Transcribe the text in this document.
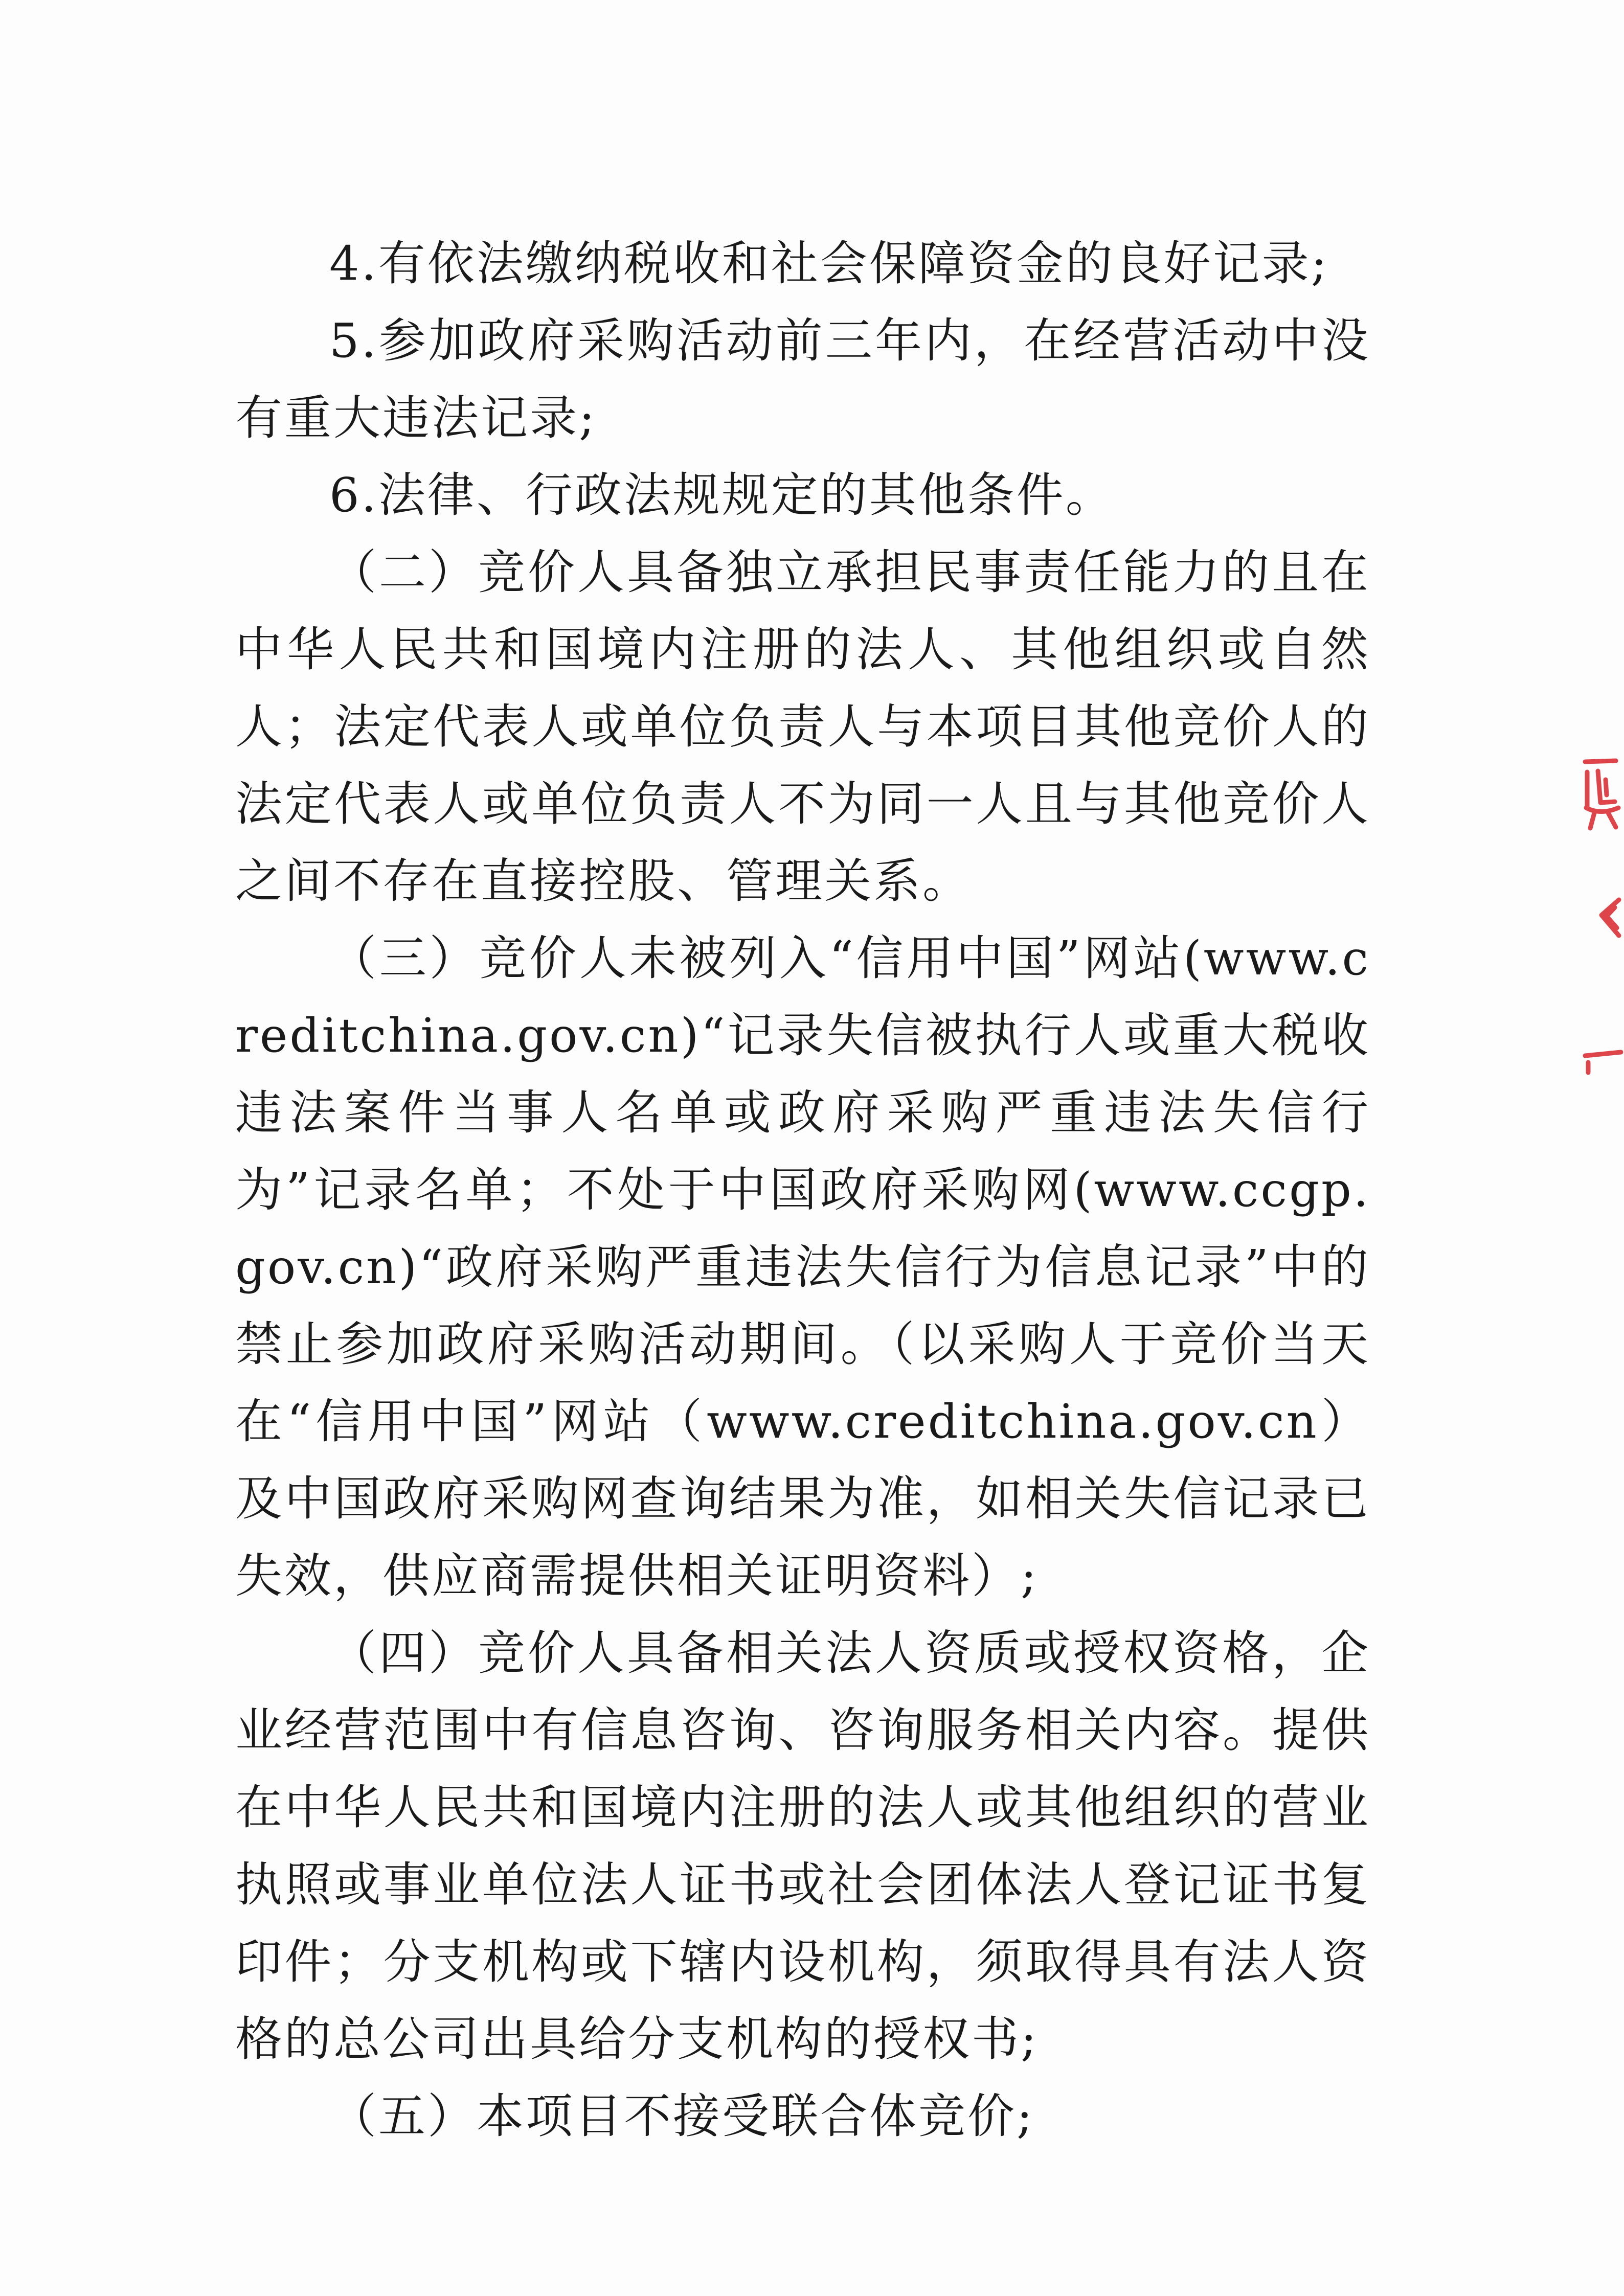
4.有依法缴纳税收和社会保障资金的良好记录;

5.参加政府采购活动前三年内，在经营活动中没有重大违法记录;

6.法律、行政法规规定的其他条件。

（二）竞价人具备独立承担民事责任能力的且在中华人民共和国境内注册的法人、其他组织或自然人；法定代表人或单位负责人与本项目其他竞价人的法定代表人或单位负责人不为同一人且与其他竞价人之间不存在直接控股、管理关系。

（三）竞价人未被列入“信用中国”网站(www.creditchina.gov.cn)“记录失信被执行人或重大税收违法案件当事人名单或政府采购严重违法失信行为”记录名单；不处于中国政府采购网(www.ccgp.gov.cn)“政府采购严重违法失信行为信息记录”中的禁止参加政府采购活动期间。（以采购人于竞价当天在“信用中国”网站（www.creditchina.gov.cn）及中国政府采购网查询结果为准，如相关失信记录已失效，供应商需提供相关证明资料）;

（四）竞价人具备相关法人资质或授权资格，企业经营范围中有信息咨询、咨询服务相关内容。提供在中华人民共和国境内注册的法人或其他组织的营业执照或事业单位法人证书或社会团体法人登记证书复印件；分支机构或下辖内设机构，须取得具有法人资格的总公司出具给分支机构的授权书;

（五）本项目不接受联合体竞价;
